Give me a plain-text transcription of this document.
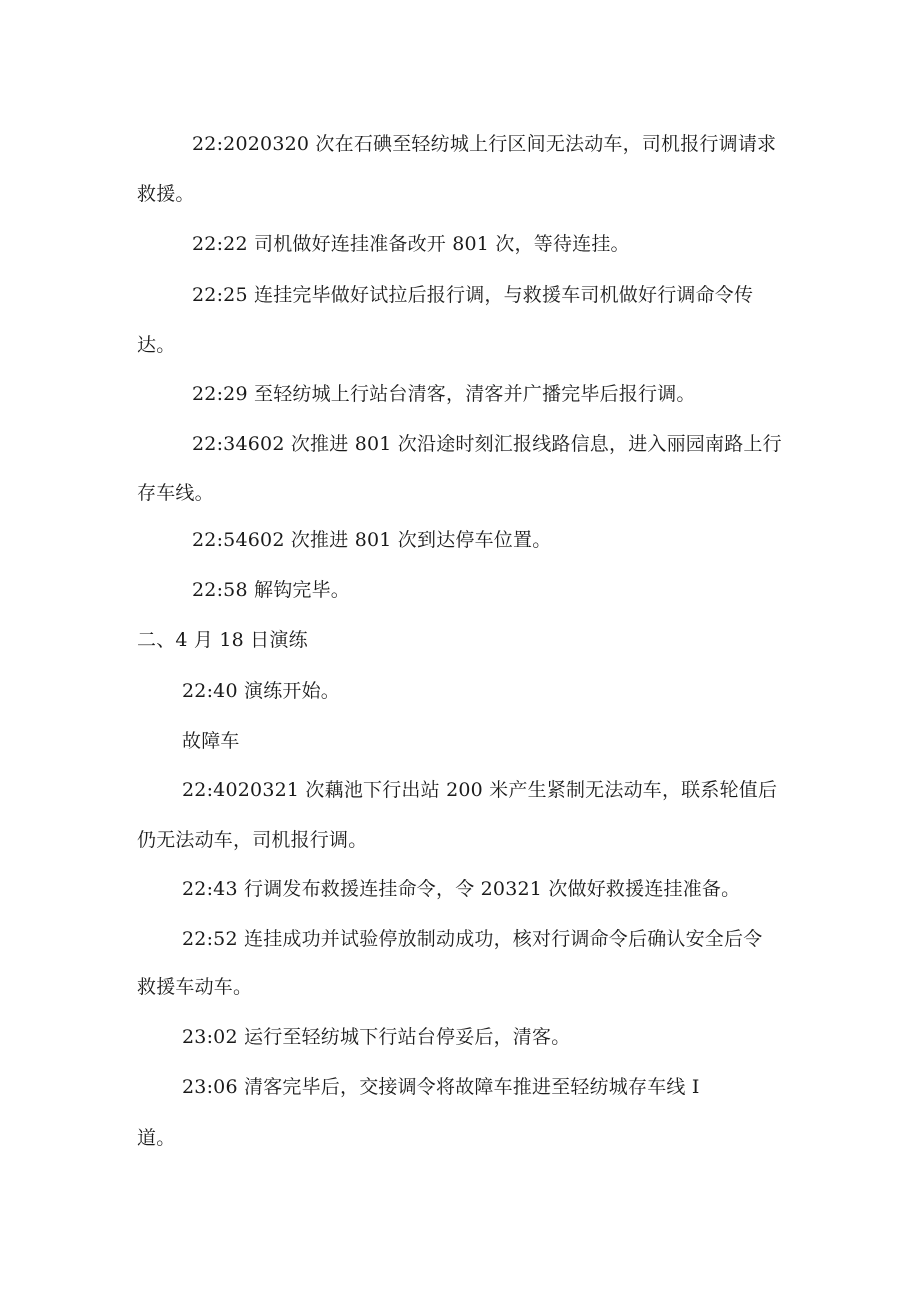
22:2020320 次在石碘至轻纺城上行区间无法动车，司机报行调请求
救援。
22:22 司机做好连挂准备改开 801 次，等待连挂。
22:25 连挂完毕做好试拉后报行调，与救援车司机做好行调命令传
达。
22:29 至轻纺城上行站台清客，清客并广播完毕后报行调。
22:34602 次推进 801 次沿途时刻汇报线路信息，进入丽园南路上行
存车线。
22:54602 次推进 801 次到达停车位置。
22:58 解钩完毕。
二、4 月 18 日演练
22:40 演练开始。
故障车
22:4020321 次藕池下行出站 200 米产生紧制无法动车，联系轮值后
仍无法动车，司机报行调。
22:43 行调发布救援连挂命令，令 20321 次做好救援连挂准备。
22:52 连挂成功并试验停放制动成功，核对行调命令后确认安全后令
救援车动车。
23:02 运行至轻纺城下行站台停妥后，清客。
23:06 清客完毕后，交接调令将故障车推进至轻纺城存车线 I
道。
